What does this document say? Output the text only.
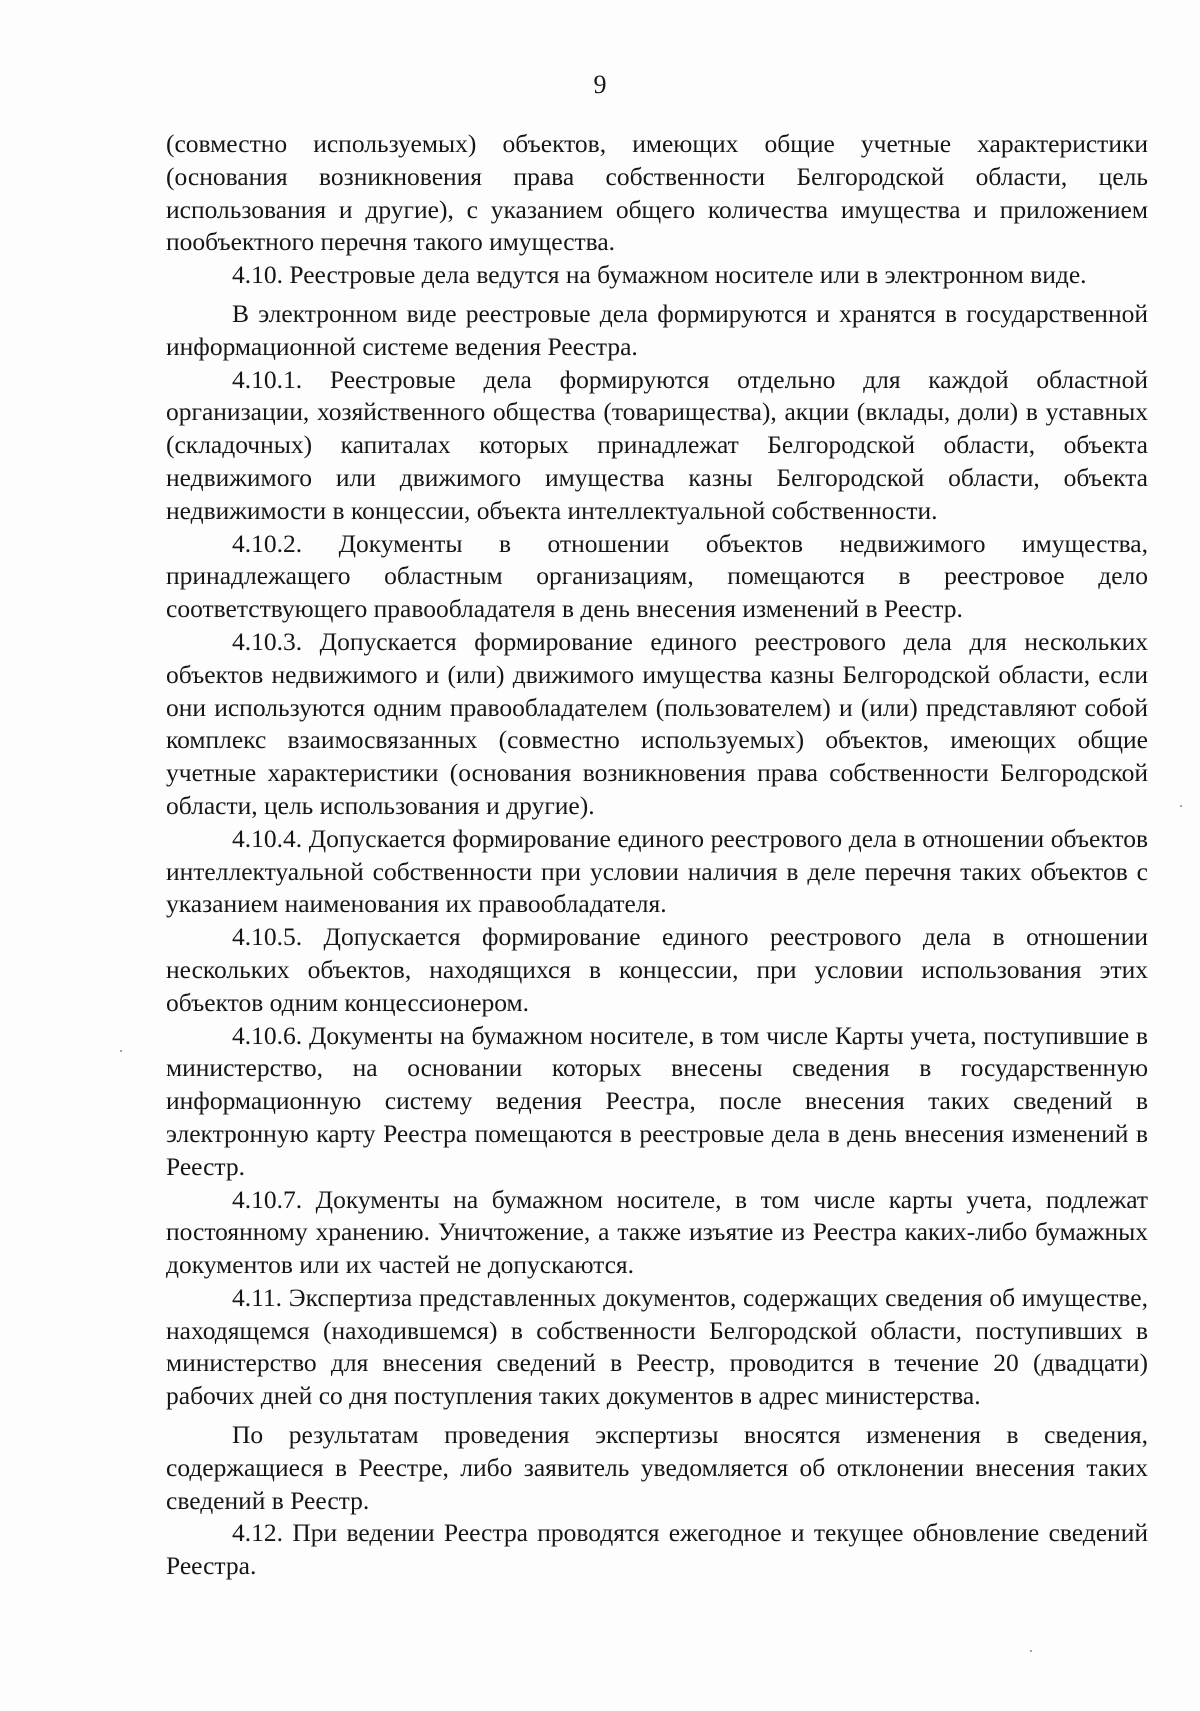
9

(совместно используемых) объектов, имеющих общие учетные характеристики (основания возникновения права собственности Белгородской области, цель использования и другие), с указанием общего количества имущества и приложением пообъектного перечня такого имущества.

4.10. Реестровые дела ведутся на бумажном носителе или в электронном виде.

В электронном виде реестровые дела формируются и хранятся в государственной информационной системе ведения Реестра.

4.10.1. Реестровые дела формируются отдельно для каждой областной организации, хозяйственного общества (товарищества), акции (вклады, доли) в уставных (складочных) капиталах которых принадлежат Белгородской области, объекта недвижимого или движимого имущества казны Белгородской области, объекта недвижимости в концессии, объекта интеллектуальной собственности.

4.10.2. Документы в отношении объектов недвижимого имущества, принадлежащего областным организациям, помещаются в реестровое дело соответствующего правообладателя в день внесения изменений в Реестр.

4.10.3. Допускается формирование единого реестрового дела для нескольких объектов недвижимого и (или) движимого имущества казны Белгородской области, если они используются одним правообладателем (пользователем) и (или) представляют собой комплекс взаимосвязанных (совместно используемых) объектов, имеющих общие учетные характеристики (основания возникновения права собственности Белгородской области, цель использования и другие).

4.10.4. Допускается формирование единого реестрового дела в отношении объектов интеллектуальной собственности при условии наличия в деле перечня таких объектов с указанием наименования их правообладателя.

4.10.5. Допускается формирование единого реестрового дела в отношении нескольких объектов, находящихся в концессии, при условии использования этих объектов одним концессионером.

4.10.6. Документы на бумажном носителе, в том числе Карты учета, поступившие в министерство, на основании которых внесены сведения в государственную информационную систему ведения Реестра, после внесения таких сведений в электронную карту Реестра помещаются в реестровые дела в день внесения изменений в Реестр.

4.10.7. Документы на бумажном носителе, в том числе карты учета, подлежат постоянному хранению. Уничтожение, а также изъятие из Реестра каких-либо бумажных документов или их частей не допускаются.

4.11. Экспертиза представленных документов, содержащих сведения об имуществе, находящемся (находившемся) в собственности Белгородской области, поступивших в министерство для внесения сведений в Реестр, проводится в течение 20 (двадцати) рабочих дней со дня поступления таких документов в адрес министерства.

По результатам проведения экспертизы вносятся изменения в сведения, содержащиеся в Реестре, либо заявитель уведомляется об отклонении внесения таких сведений в Реестр.

4.12. При ведении Реестра проводятся ежегодное и текущее обновление сведений Реестра.
